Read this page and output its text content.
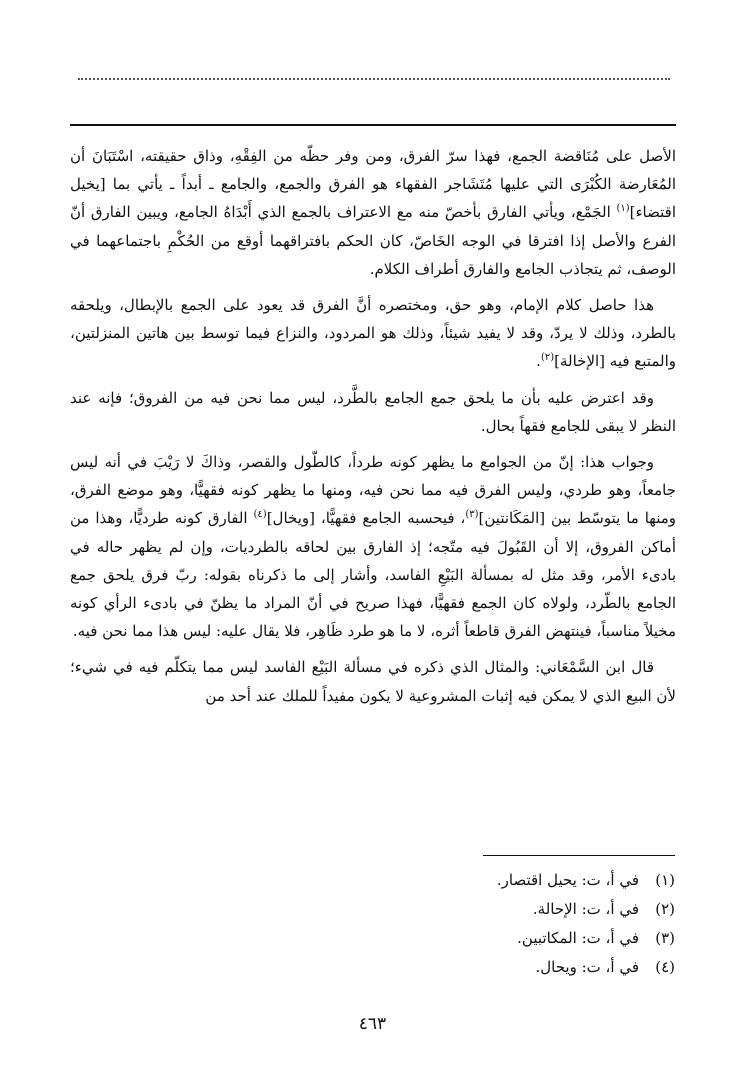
الأصل على مُنَاقضة الجمع، فهذا سرّ الفرق، ومن وفر حظّه من الفِقْهِ، وذاق حقيقته، اسْتَبَانَ أن المُعَارضة الكُبْرَى التي عليها مُتَشَاجر الفقهاء هو الفرق والجمع، والجامع ـ أبداً ـ يأتي بما [يخيل اقتضاء]$^{(١)}$ الجَمْع، ويأتي الفارق بأخصّ منه مع الاعتراف بالجمع الذي أَبْدَاهُ الجامع، ويبين الفارق أنّ الفرع والأصل إذا افترقا في الوجه الخَاصّ، كان الحكم بافتراقهما أوقع من الحُكْمِ باجتماعهما في الوصف، ثم يتجاذب الجامع والفارق أطراف الكلام.

هذا حاصل كلام الإمام، وهو حق، ومختصره أنَّ الفرق قد يعود على الجمع بالإبطال، ويلحقه بالطرد، وذلك لا يردّ، وقد لا يفيد شيئاً، وذلك هو المردود، والنزاع فيما توسط بين هاتين المنزلتين، والمتبع فيه [الإخالة]$^{(٢)}$.

وقد اعترض عليه بأن ما يلحق جمع الجامع بالطَّرد، ليس مما نحن فيه من الفروق؛ فإنه عند النظر لا يبقى للجامع فقهاً بحال.

وجواب هذا: إنّ من الجوامع ما يظهر كونه طرداً، كالطّول والقصر، وذاكَ لا رَيْبَ في أنه ليس جامعاً، وهو طردي، وليس الفرق فيه مما نحن فيه، ومنها ما يظهر كونه فقهيًّا، وهو موضع الفرق، ومنها ما يتوسّط بين [المَكَانتين]$^{(٣)}$، فيحسبه الجامع فقهيًّا، [ويخال]$^{(٤)}$ الفارق كونه طرديًّا، وهذا من أماكن الفروق، إلا أن القَبُولَ فيه متّجه؛ إذ الفارق بين لحاقه بالطرديات، وإن لم يظهر حاله في بادىء الأمر، وقد مثل له بمسألة البَيْعِ الفاسد، وأشار إلى ما ذكرناه بقوله: ربّ فرق يلحق جمع الجامع بالطّرد، ولولاه كان الجمع فقهيًّا، فهذا صريح في أنّ المراد ما يظنّ في بادىء الرأي كونه مخيلاً مناسباً، فينتهض الفرق قاطعاً أثره، لا ما هو طرد ظَاهِر، فلا يقال عليه: ليس هذا مما نحن فيه.

قال ابن السَّمْعَاني: والمثال الذي ذكره في مسألة البَيْع الفاسد ليس مما يتكلّم فيه في شيء؛ لأن البيع الذي لا يمكن فيه إثبات المشروعية لا يكون مفيداً للملك عند أحد من

(١)في أ، ت: يحيل اقتصار.
(٢)في أ، ت: الإحالة.
(٣)في أ، ت: المكاتبين.
(٤)في أ، ت: ويحال.
٤٦٣
